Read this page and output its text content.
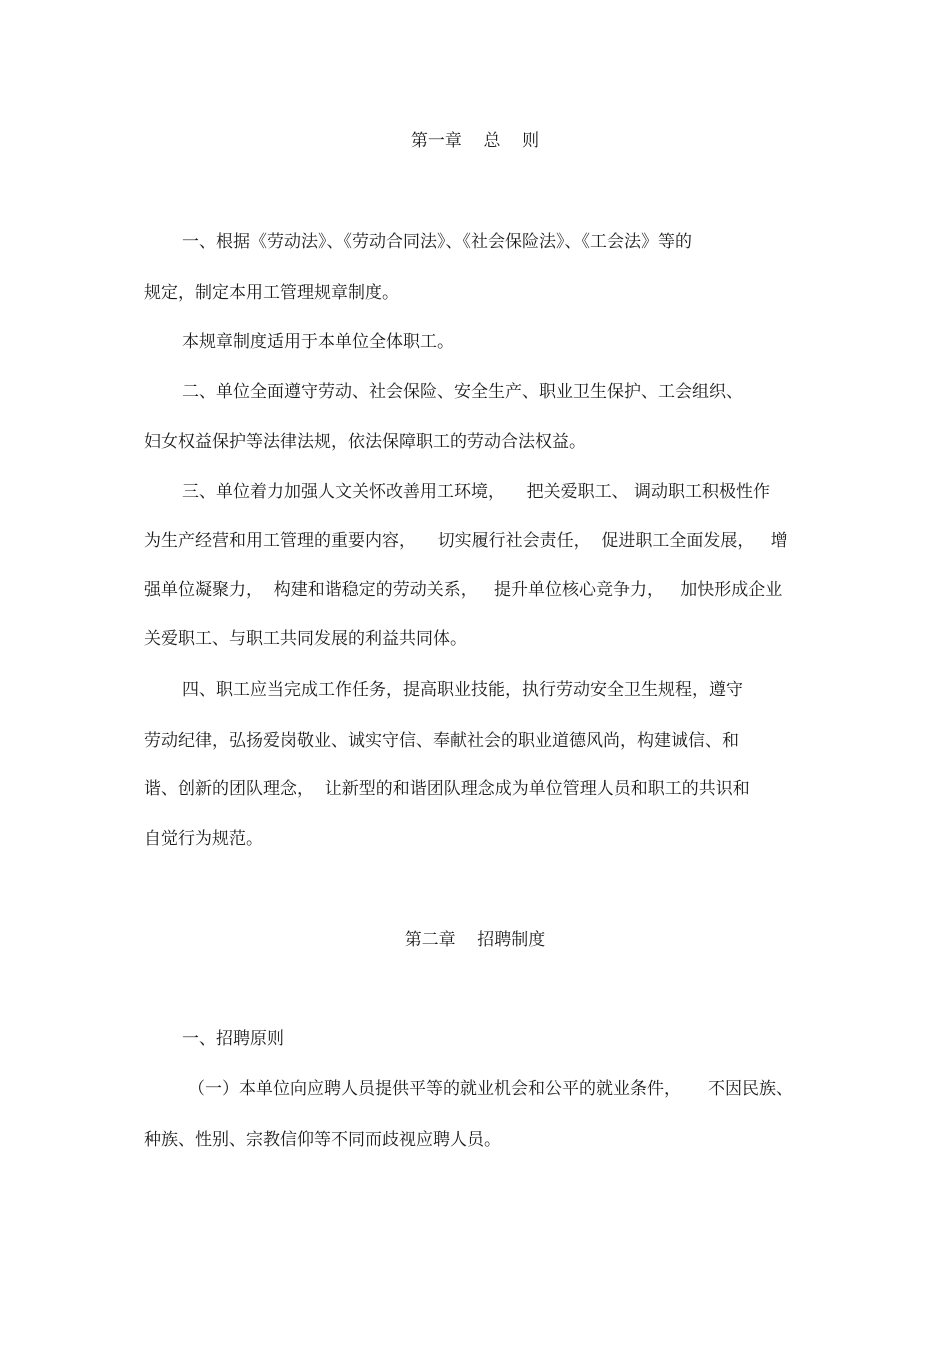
第一章    总    则
一、根据《劳动法》、《劳动合同法》、《社会保险法》、《工会法》等的
规定，制定本用工管理规章制度。
本规章制度适用于本单位全体职工。
二、单位全面遵守劳动、社会保险、安全生产、职业卫生保护、工会组织、
妇女权益保护等法律法规，依法保障职工的劳动合法权益。
三、单位着力加强人文关怀改善用工环境，    把关爱职工、 调动职工积极性作
为生产经营和用工管理的重要内容，    切实履行社会责任，  促进职工全面发展，   增
强单位凝聚力，  构建和谐稳定的劳动关系，   提升单位核心竞争力，   加快形成企业
关爱职工、与职工共同发展的利益共同体。
四、职工应当完成工作任务，提高职业技能，执行劳动安全卫生规程，遵守
劳动纪律，弘扬爱岗敬业、诚实守信、奉献社会的职业道德风尚，构建诚信、和
谐、创新的团队理念，  让新型的和谐团队理念成为单位管理人员和职工的共识和
自觉行为规范。
第二章    招聘制度
一、招聘原则
（一）本单位向应聘人员提供平等的就业机会和公平的就业条件，     不因民族、
种族、性别、宗教信仰等不同而歧视应聘人员。
